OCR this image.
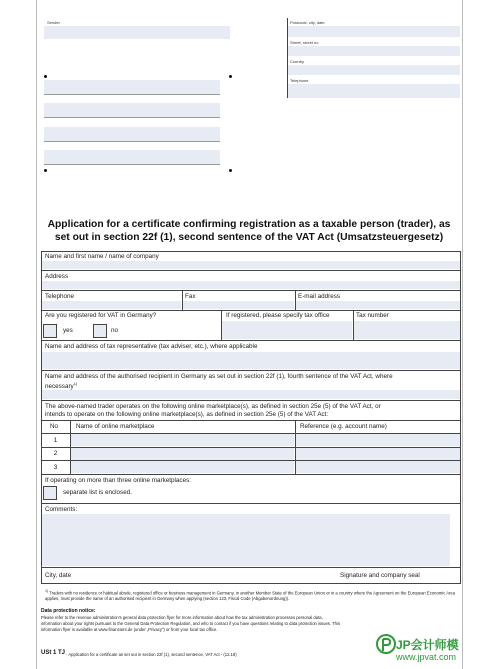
Sender	Postcode, city, date
Street, street no
Country
Telephone
Application for a certificate confirming registration as a taxable person (trader), as
set out in section 22f (1), second sentence of the VAT Act (Umsatzsteuergesetz)
Name and first name / name of company
Address
Telephone	Fax	E-mail address
Are you registered for VAT in Germany?
yes	no
If registered, please specify tax office	Tax number
Name and address of tax representative (tax adviser, etc.), where applicable
Name and address of the authorised recipient in Germany as set out in section 22f (1), fourth sentence of the VAT Act, where
necessary$^{1)}$
The above-named trader operates on the following online marketplace(s), as defined in section 25e (5) of the VAT Act, or
intends to operate on the following online marketplace(s), as defined in section 25e (5) of the VAT Act:
No	Name of online marketplace	Reference (e.g. account name)
1
2
3
If operating on more than three online marketplaces:
separate list is enclosed.
Comments:
City, date	Signature and company seal
$^{1)}$ Traders with no residence or habitual abode, registered office or business management in Germany, in another Member State of the European Union or in a country where the Agreement on the European Economic Area applies, must provide the name of an authorised recipient in Germany when applying (section 123, Fiscal Code (Abgabenordnung)).
Data protection notice:
Please refer to the revenue administration's general data protection flyer for more information about how the tax administration processes personal data,
information about your rights pursuant to the General Data Protection Regulation, and who to contact if you have questions relating to data protection issues. This
information flyer is available at www.finanzamt.de (under „Privacy“) or from your local tax office.
USt 1 TJ - Application for a certificate as set out in section 22f (1), second sentence, VAT Act - (12.18)
JP会计师模
www.jpvat.com
